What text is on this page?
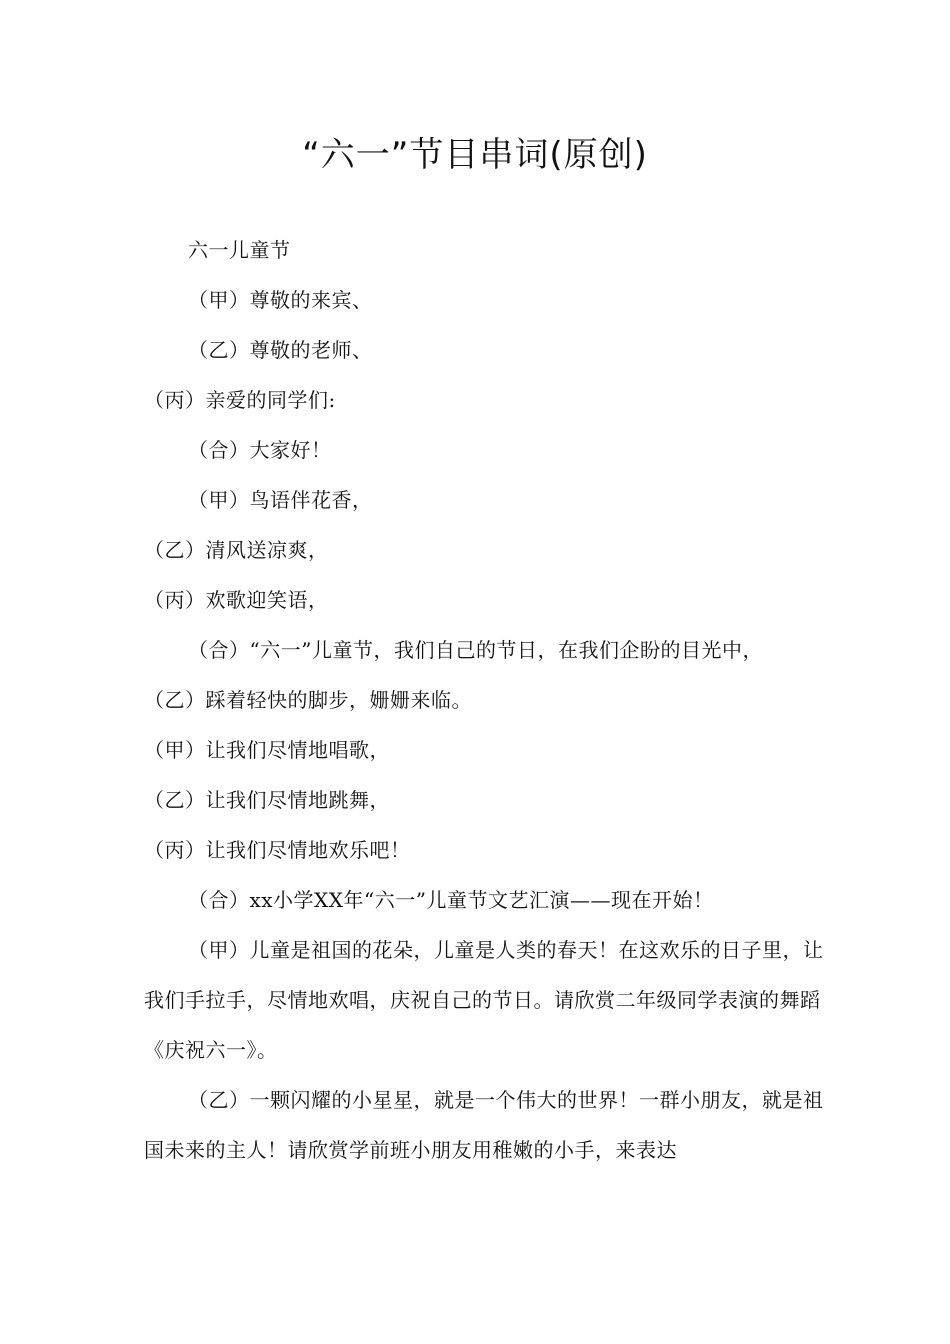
“六一”节目串词(原创)

六一儿童节

（甲）尊敬的来宾、

（乙）尊敬的老师、

（丙）亲爱的同学们:

（合）大家好！

（甲）鸟语伴花香，

（乙）清风送凉爽，

（丙）欢歌迎笑语，

（合）“六一”儿童节，我们自己的节日，在我们企盼的目光中，

（乙）踩着轻快的脚步，姗姗来临。

（甲）让我们尽情地唱歌，

（乙）让我们尽情地跳舞，

（丙）让我们尽情地欢乐吧！

（合）xx小学XX年“六一”儿童节文艺汇演——现在开始！

（甲）儿童是祖国的花朵，儿童是人类的春天！在这欢乐的日子里，让我们手拉手，尽情地欢唱，庆祝自己的节日。请欣赏二年级同学表演的舞蹈《庆祝六一》。

（乙）一颗闪耀的小星星，就是一个伟大的世界！一群小朋友，就是祖国未来的主人！请欣赏学前班小朋友用稚嫩的小手，来表达
